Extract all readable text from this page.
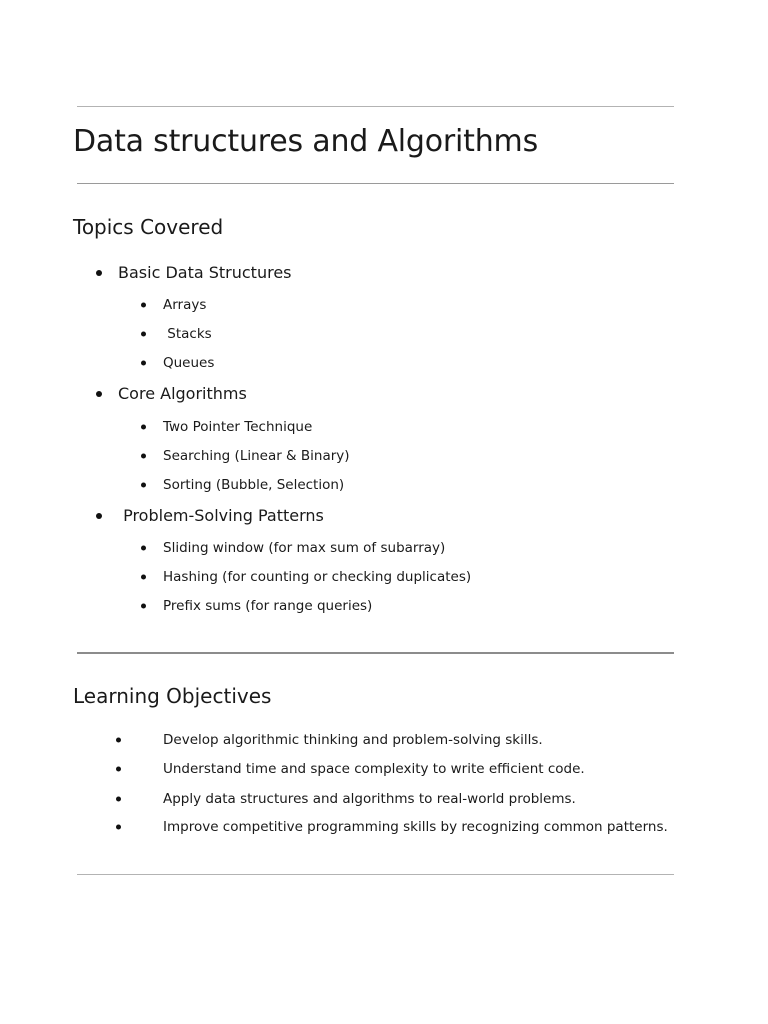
Data structures and Algorithms
Topics Covered
Basic Data Structures
Arrays
Stacks
Queues
Core Algorithms
Two Pointer Technique
Searching (Linear & Binary)
Sorting (Bubble, Selection)
Problem-Solving Patterns
Sliding window (for max sum of subarray)
Hashing (for counting or checking duplicates)
Prefix sums (for range queries)
Learning Objectives
Develop algorithmic thinking and problem-solving skills.
Understand time and space complexity to write efficient code.
Apply data structures and algorithms to real-world problems.
Improve competitive programming skills by recognizing common patterns.
